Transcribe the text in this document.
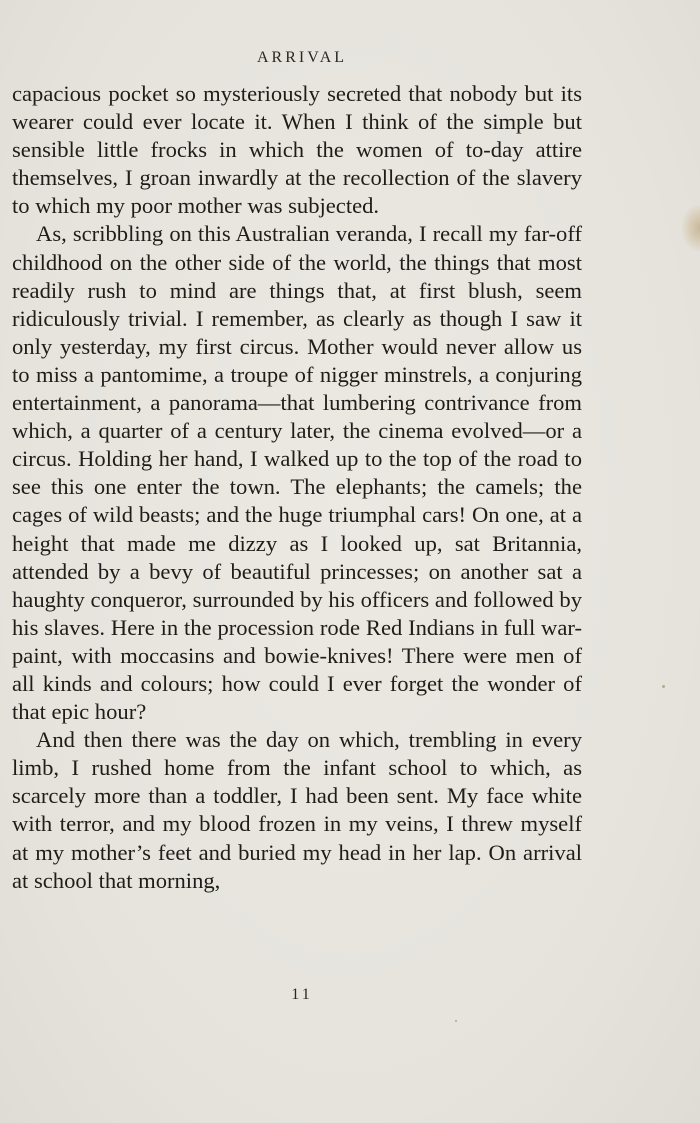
ARRIVAL

capacious pocket so mysteriously secreted that nobody but its wearer could ever locate it. When I think of the simple but sensible little frocks in which the women of to-day attire themselves, I groan inwardly at the recollection of the slavery to which my poor mother was subjected.

As, scribbling on this Australian veranda, I recall my far-off childhood on the other side of the world, the things that most readily rush to mind are things that, at first blush, seem ridiculously trivial. I remember, as clearly as though I saw it only yesterday, my first circus. Mother would never allow us to miss a pantomime, a troupe of nigger minstrels, a conjuring entertainment, a panorama—that lumbering contrivance from which, a quarter of a century later, the cinema evolved—or a circus. Holding her hand, I walked up to the top of the road to see this one enter the town. The elephants; the camels; the cages of wild beasts; and the huge triumphal cars! On one, at a height that made me dizzy as I looked up, sat Britannia, attended by a bevy of beautiful princesses; on another sat a haughty conqueror, surrounded by his officers and followed by his slaves. Here in the procession rode Red Indians in full war-paint, with moccasins and bowie-knives! There were men of all kinds and colours; how could I ever forget the wonder of that epic hour?

And then there was the day on which, trembling in every limb, I rushed home from the infant school to which, as scarcely more than a toddler, I had been sent. My face white with terror, and my blood frozen in my veins, I threw myself at my mother’s feet and buried my head in her lap. On arrival at school that morning,

11
